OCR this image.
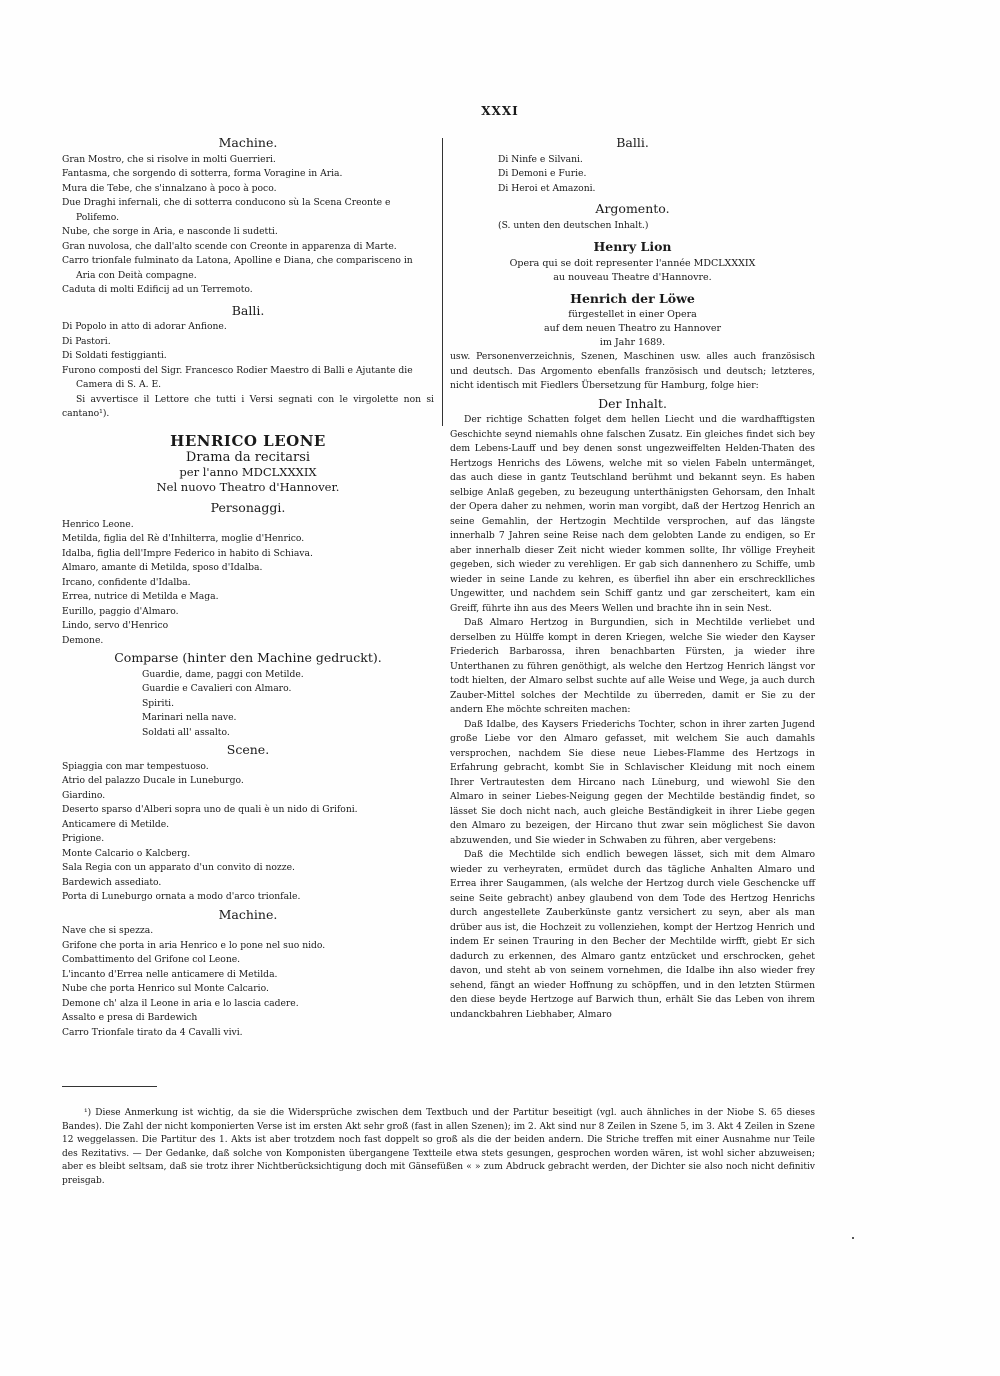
XXXI
Machine.

Gran Mostro, che si risolve in molti Guerrieri.

Fantasma, che sorgendo di sotterra, forma Voragine in Aria.

Mura die Tebe, che s'innalzano à poco à poco.

Due Draghi infernali, che di sotterra conducono sù la Scena Creonte e Polifemo.

Nube, che sorge in Aria, e nasconde li sudetti.

Gran nuvolosa, che dall'alto scende con Creonte in apparenza di Marte.

Carro trionfale fulminato da Latona, Apolline e Diana, che comparisceno in Aria con Deità compagne.

Caduta di molti Edificij ad un Terremoto.

Balli.

Di Popolo in atto di adorar Anfione.

Di Pastori.

Di Soldati festiggianti.

Furono composti del Sigr. Francesco Rodier Maestro di Balli e Ajutante die Camera di S. A. E.

Si avvertisce il Lettore che tutti i Versi segnati con le virgolette non si cantano¹).

HENRICO LEONE
Drama da recitarsi
per l'anno MDCLXXXIX
Nel nuovo Theatro d'Hannover.
Personaggi.

Henrico Leone.

Metilda, figlia del Rè d'Inhilterra, moglie d'Henrico.

Idalba, figlia dell'Impre Federico in habito di Schiava.

Almaro, amante di Metilda, sposo d'Idalba.

Ircano, confidente d'Idalba.

Errea, nutrice di Metilda e Maga.

Eurillo, paggio d'Almaro.

Lindo, servo d'Henrico

Demone.

Comparse (hinter den Machine gedruckt).

Guardie, dame, paggi con Metilde.

Guardie e Cavalieri con Almaro.

Spiriti.

Marinari nella nave.

Soldati all' assalto.

Scene.

Spiaggia con mar tempestuoso.

Atrio del palazzo Ducale in Luneburgo.

Giardino.

Deserto sparso d'Alberi sopra uno de quali è un nido di Grifoni.

Anticamere di Metilde.

Prigione.

Monte Calcario o Kalcberg.

Sala Regia con un apparato d'un convito di nozze.

Bardewich assediato.

Porta di Luneburgo ornata a modo d'arco trionfale.

Machine.

Nave che si spezza.

Grifone che porta in aria Henrico e lo pone nel suo nido.

Combattimento del Grifone col Leone.

L'incanto d'Errea nelle anticamere di Metilda.

Nube che porta Henrico sul Monte Calcario.

Demone ch' alza il Leone in aria e lo lascia cadere.

Assalto e presa di Bardewich

Carro Trionfale tirato da 4 Cavalli vivi.

Balli.

Di Ninfe e Silvani.

Di Demoni e Furie.

Di Heroi et Amazoni.

Argomento.

(S. unten den deutschen Inhalt.)

Henry Lion
Opera qui se doit representer l'année MDCLXXXIX
au nouveau Theatre d'Hannovre.
Henrich der Löwe
fürgestellet in einer Opera
auf dem neuen Theatro zu Hannover
im Jahr 1689.

usw. Personenverzeichnis, Szenen, Maschinen usw. alles auch französisch und deutsch. Das Argomento ebenfalls französisch und deutsch; letzteres, nicht identisch mit Fiedlers Übersetzung für Hamburg, folge hier:

Der Inhalt.

Der richtige Schatten folget dem hellen Liecht und die wardhafftigsten Geschichte seynd niemahls ohne falschen Zusatz. Ein gleiches findet sich bey dem Lebens-Lauff und bey denen sonst ungezweiffelten Helden-Thaten des Hertzogs Henrichs des Löwens, welche mit so vielen Fabeln untermänget, das auch diese in gantz Teutschland berühmt und bekannt seyn. Es haben selbige Anlaß gegeben, zu bezeugung unterthänigsten Gehorsam, den Inhalt der Opera daher zu nehmen, worin man vorgibt, daß der Hertzog Henrich an seine Gemahlin, der Hertzogin Mechtilde versprochen, auf das längste innerhalb 7 Jahren seine Reise nach dem gelobten Lande zu endigen, so Er aber innerhalb dieser Zeit nicht wieder kommen sollte, Ihr völlige Freyheit gegeben, sich wieder zu verehligen. Er gab sich dannenhero zu Schiffe, umb wieder in seine Lande zu kehren, es überfiel ihn aber ein erschrecklliches Ungewitter, und nachdem sein Schiff gantz und gar zerscheitert, kam ein Greiff, führte ihn aus des Meers Wellen und brachte ihn in sein Nest.

Daß Almaro Hertzog in Burgundien, sich in Mechtilde verliebet und derselben zu Hülffe kompt in deren Kriegen, welche Sie wieder den Kayser Friederich Barbarossa, ihren benachbarten Fürsten, ja wieder ihre Unterthanen zu führen genöthigt, als welche den Hertzog Henrich längst vor todt hielten, der Almaro selbst suchte auf alle Weise und Wege, ja auch durch Zauber-Mittel solches der Mechtilde zu überreden, damit er Sie zu der andern Ehe möchte schreiten machen:

Daß Idalbe, des Kaysers Friederichs Tochter, schon in ihrer zarten Jugend große Liebe vor den Almaro gefasset, mit welchem Sie auch damahls versprochen, nachdem Sie diese neue Liebes-Flamme des Hertzogs in Erfahrung gebracht, kombt Sie in Schlavischer Kleidung mit noch einem Ihrer Vertrautesten dem Hircano nach Lüneburg, und wiewohl Sie den Almaro in seiner Liebes-Neigung gegen der Mechtilde beständig findet, so lässet Sie doch nicht nach, auch gleiche Beständigkeit in ihrer Liebe gegen den Almaro zu bezeigen, der Hircano thut zwar sein möglichest Sie davon abzuwenden, und Sie wieder in Schwaben zu führen, aber vergebens:

Daß die Mechtilde sich endlich bewegen lässet, sich mit dem Almaro wieder zu verheyraten, ermüdet durch das tägliche Anhalten Almaro und Errea ihrer Saugammen, (als welche der Hertzog durch viele Geschencke uff seine Seite gebracht) anbey glaubend von dem Tode des Hertzog Henrichs durch angestellete Zauberkünste gantz versichert zu seyn, aber als man drüber aus ist, die Hochzeit zu vollenziehen, kompt der Hertzog Henrich und indem Er seinen Trauring in den Becher der Mechtilde wirfft, giebt Er sich dadurch zu erkennen, des Almaro gantz entzücket und erschrocken, gehet davon, und steht ab von seinem vornehmen, die Idalbe ihn also wieder frey sehend, fängt an wieder Hoffnung zu schöpffen, und in den letzten Stürmen den diese beyde Hertzoge auf Barwich thun, erhält Sie das Leben von ihrem undanckbahren Liebhaber, Almaro

¹) Diese Anmerkung ist wichtig, da sie die Widersprüche zwischen dem Textbuch und der Partitur beseitigt (vgl. auch ähnliches in der Niobe S. 65 dieses Bandes). Die Zahl der nicht komponierten Verse ist im ersten Akt sehr groß (fast in allen Szenen); im 2. Akt sind nur 8 Zeilen in Szene 5, im 3. Akt 4 Zeilen in Szene 12 weggelassen. Die Partitur des 1. Akts ist aber trotzdem noch fast doppelt so groß als die der beiden andern. Die Striche treffen mit einer Ausnahme nur Teile des Rezitativs. — Der Gedanke, daß solche von Komponisten übergangene Textteile etwa stets gesungen, gesprochen worden wären, ist wohl sicher abzuweisen; aber es bleibt seltsam, daß sie trotz ihrer Nichtberücksichtigung doch mit Gänsefüßen « » zum Abdruck gebracht werden, der Dichter sie also noch nicht definitiv preisgab.
